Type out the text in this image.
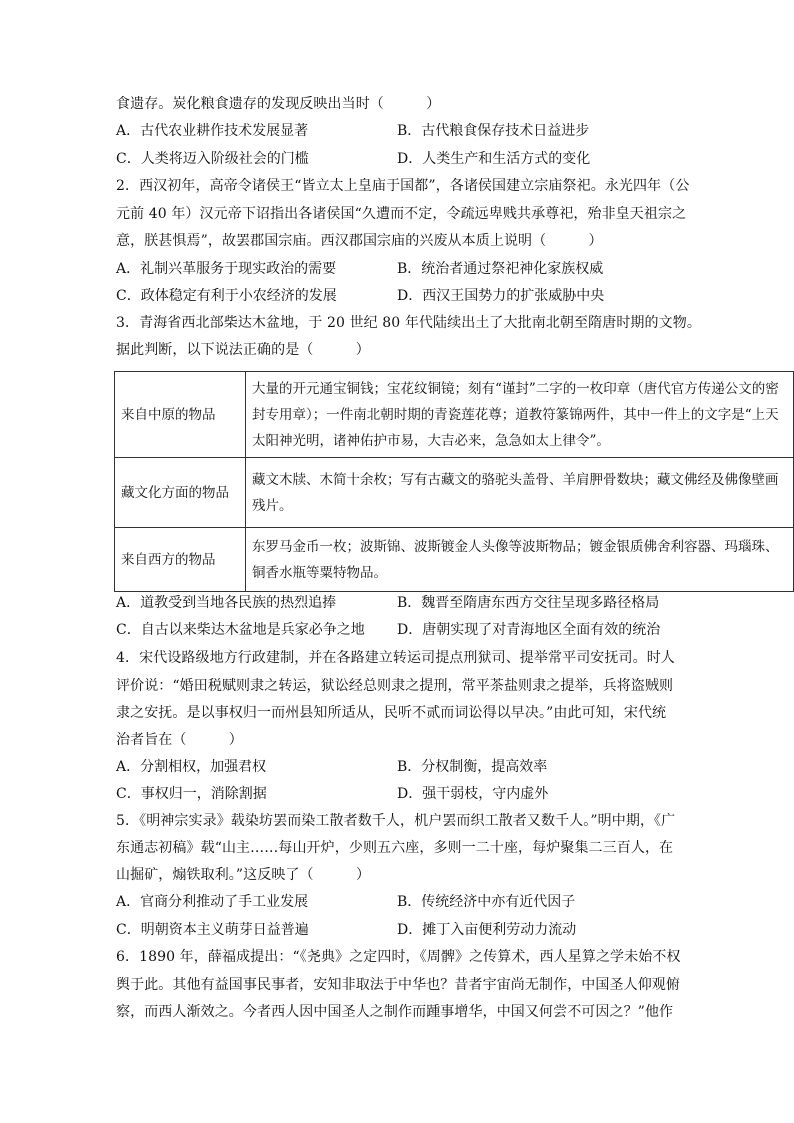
食遗存。炭化粮食遗存的发现反映出当时（　　　）
A．古代农业耕作技术发展显著	B．古代粮食保存技术日益进步
C．人类将迈入阶级社会的门槛	D．人类生产和生活方式的变化
2．西汉初年，高帝令诸侯王“皆立太上皇庙于国都”，各诸侯国建立宗庙祭祀。永光四年（公
元前 40 年）汉元帝下诏指出各诸侯国“久遭而不定，令疏远卑贱共承尊祀，殆非皇天祖宗之
意，朕甚惧焉”，故罢郡国宗庙。西汉郡国宗庙的兴废从本质上说明（　　　）
A．礼制兴革服务于现实政治的需要	B．统治者通过祭祀神化家族权威
C．政体稳定有利于小农经济的发展	D．西汉王国势力的扩张威胁中央
3．青海省西北部柴达木盆地，于 20 世纪 80 年代陆续出土了大批南北朝至隋唐时期的文物。
据此判断，以下说法正确的是（　　　）
来自中原的物品	大量的开元通宝铜钱；宝花纹铜镜；刻有“谨封”二字的一枚印章（唐代官方传递公文的密封专用章）；一件南北朝时期的青瓷莲花尊；道教符篆锦两件，其中一件上的文字是“上天太阳神光明，诸神佑护市易，大吉必来，急急如太上律令”。
藏文化方面的物品	藏文木牍、木简十余枚；写有古藏文的骆驼头盖骨、羊肩胛骨数块；藏文佛经及佛像壁画残片。
来自西方的物品	东罗马金币一枚；波斯锦、波斯镀金人头像等波斯物品；镀金银质佛舍利容器、玛瑙珠、铜香水瓶等粟特物品。
A．道教受到当地各民族的热烈追捧	B．魏晋至隋唐东西方交往呈现多路径格局
C．自古以来柴达木盆地是兵家必争之地 D．唐朝实现了对青海地区全面有效的统治
4．宋代设路级地方行政建制，并在各路建立转运司提点刑狱司、提举常平司安抚司。时人
评价说：“婚田税赋则隶之转运，狱讼经总则隶之提刑，常平茶盐则隶之提举，兵将盗贼则
隶之安抚。是以事权归一而州县知所适从，民听不贰而词讼得以早决。”由此可知，宋代统
治者旨在（　　　）
A．分割相权，加强君权	B．分权制衡，提高效率
C．事权归一，消除割据	D．强干弱枝，守内虚外
5．《明神宗实录》载染坊罢而染工散者数千人，机户罢而织工散者又数千人。”明中期，《广
东通志初稿》载“山主……每山开炉，少则五六座，多则一二十座，每炉聚集二三百人，在
山掘矿，煽铁取利。”这反映了（　　　）
A．官商分利推动了手工业发展	B．传统经济中亦有近代因子
C．明朝资本主义萌芽日益普遍	D．摊丁入亩便利劳动力流动
6．1890 年，薛福成提出：“《尧典》之定四时，《周髀》之传算术，西人星算之学未始不权
舆于此。其他有益国事民事者，安知非取法于中华也？昔者宇宙尚无制作，中国圣人仰观俯
察，而西人渐效之。今者西人因中国圣人之制作而踵事增华，中国又何尝不可因之？”他作
